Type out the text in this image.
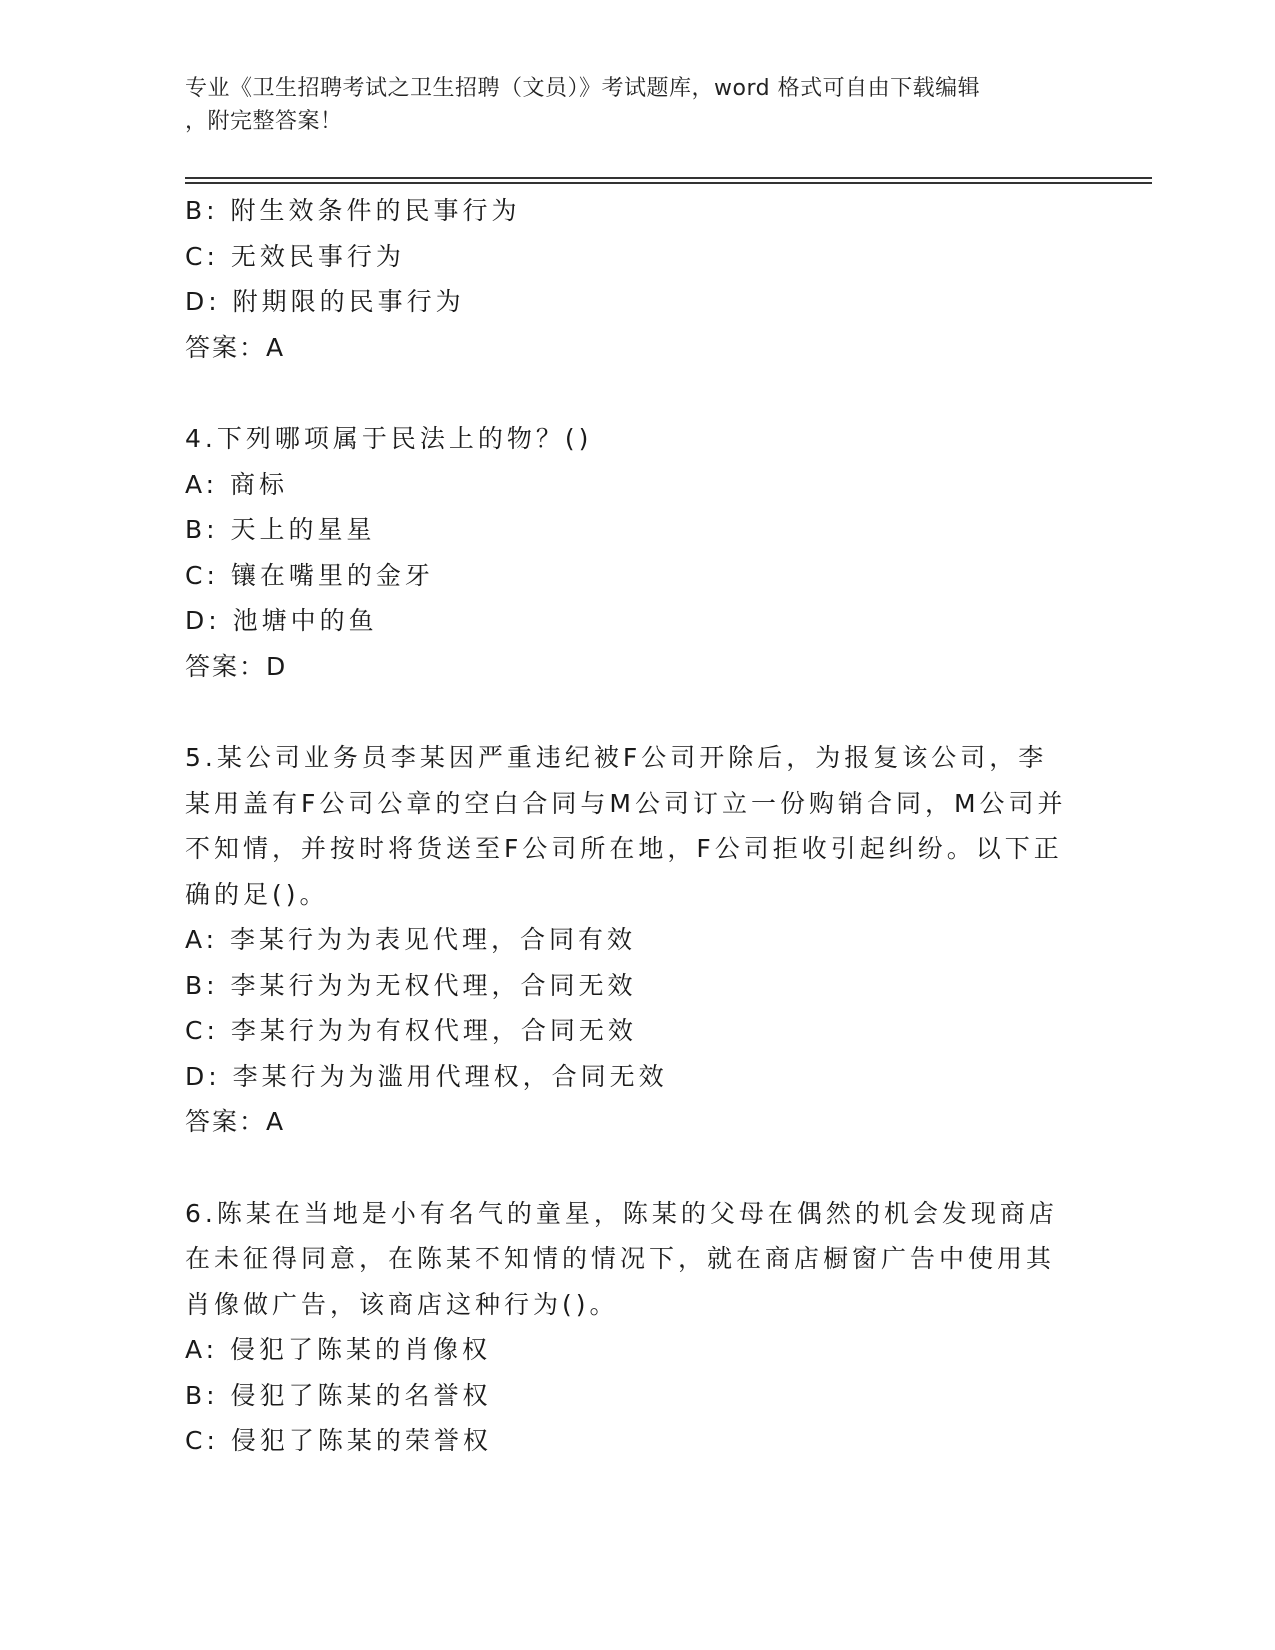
专业《卫生招聘考试之卫生招聘（文员）》考试题库，word 格式可自由下载编辑
，附完整答案！
B: 附生效条件的民事行为
C: 无效民事行为
D: 附期限的民事行为
答案：A
4.下列哪项属于民法上的物？()
A: 商标
B: 天上的星星
C: 镶在嘴里的金牙
D: 池塘中的鱼
答案：D
5.某公司业务员李某因严重违纪被F公司开除后，为报复该公司，李某用盖有F公司公章的空白合同与M公司订立一份购销合同，M公司并不知情，并按时将货送至F公司所在地，F公司拒收引起纠纷。以下正确的足()。
A: 李某行为为表见代理，合同有效
B: 李某行为为无权代理，合同无效
C: 李某行为为有权代理，合同无效
D: 李某行为为滥用代理权，合同无效
答案：A
6.陈某在当地是小有名气的童星，陈某的父母在偶然的机会发现商店在未征得同意，在陈某不知情的情况下，就在商店橱窗广告中使用其肖像做广告，该商店这种行为()。
A: 侵犯了陈某的肖像权
B: 侵犯了陈某的名誉权
C: 侵犯了陈某的荣誉权
